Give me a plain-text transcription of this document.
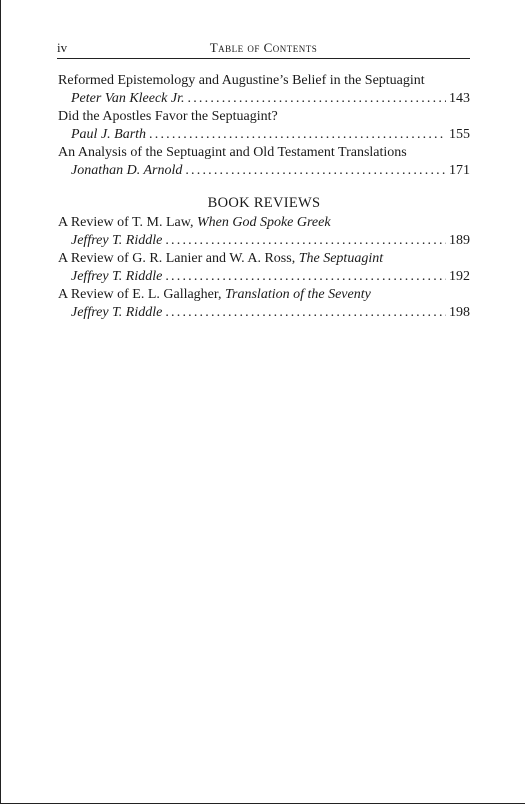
iv	Table of Contents
Reformed Epistemology and Augustine’s Belief in the Septuagint
Peter Van Kleeck Jr. .....	143
Did the Apostles Favor the Septuagint?
Paul J. Barth .....	155
An Analysis of the Septuagint and Old Testament Translations
Jonathan D. Arnold .....	171
BOOK REVIEWS
A Review of T. M. Law, When God Spoke Greek
Jeffrey T. Riddle .....	189
A Review of G. R. Lanier and W. A. Ross, The Septuagint
Jeffrey T. Riddle .....	192
A Review of E. L. Gallagher, Translation of the Seventy
Jeffrey T. Riddle .....	198
